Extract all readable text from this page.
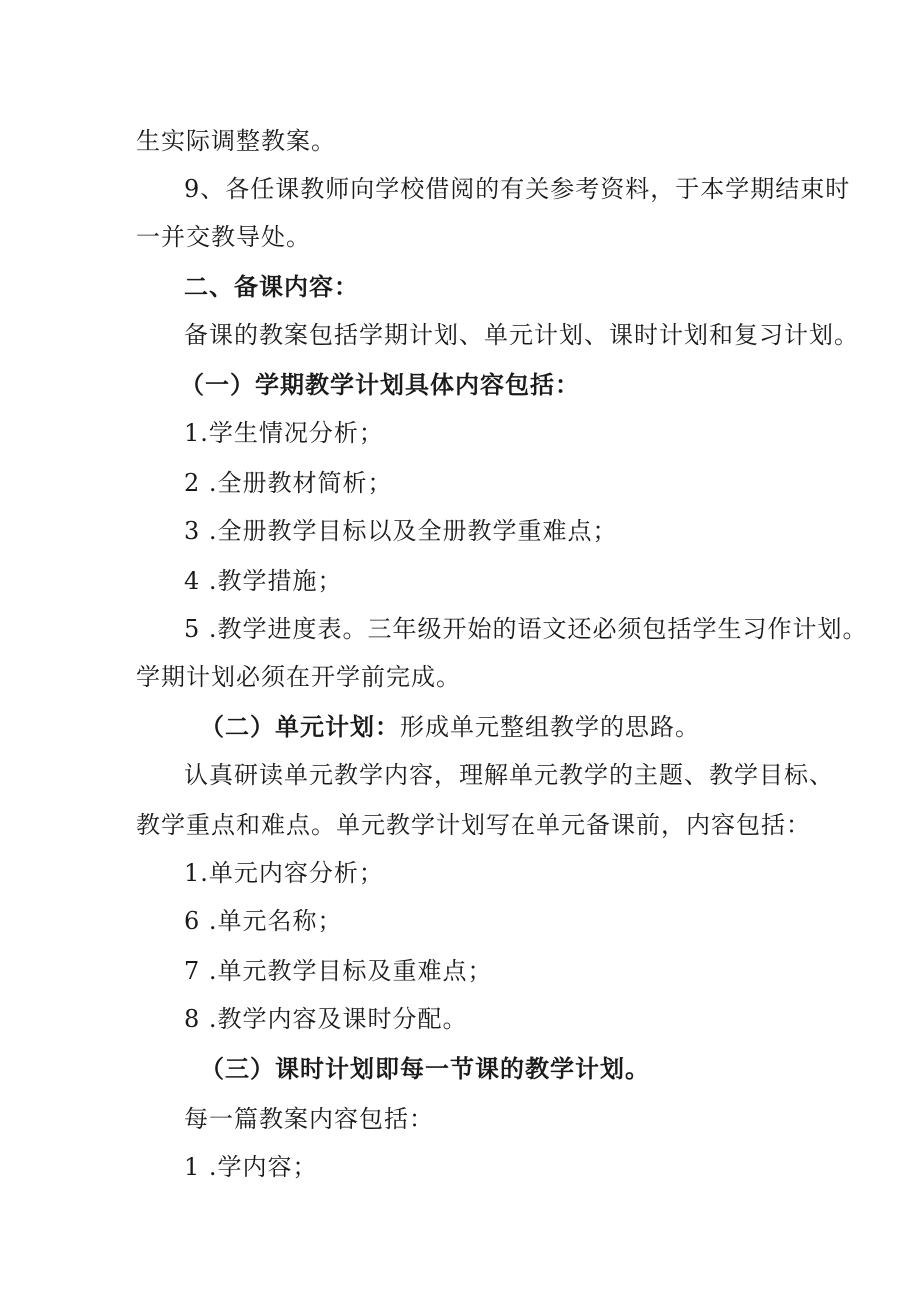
生实际调整教案。
9、各任课教师向学校借阅的有关参考资料，于本学期结束时
一并交教导处。
二、备课内容：
备课的教案包括学期计划、单元计划、课时计划和复习计划。
（一）学期教学计划具体内容包括：
1.学生情况分析；
2 .全册教材简析；
3 .全册教学目标以及全册教学重难点；
4 .教学措施；
5 .教学进度表。三年级开始的语文还必须包括学生习作计划。
学期计划必须在开学前完成。
（二）单元计划：形成单元整组教学的思路。
认真研读单元教学内容，理解单元教学的主题、教学目标、
教学重点和难点。单元教学计划写在单元备课前，内容包括：
1.单元内容分析；
6 .单元名称；
7 .单元教学目标及重难点；
8 .教学内容及课时分配。
（三）课时计划即每一节课的教学计划。
每一篇教案内容包括：
1 .学内容；
